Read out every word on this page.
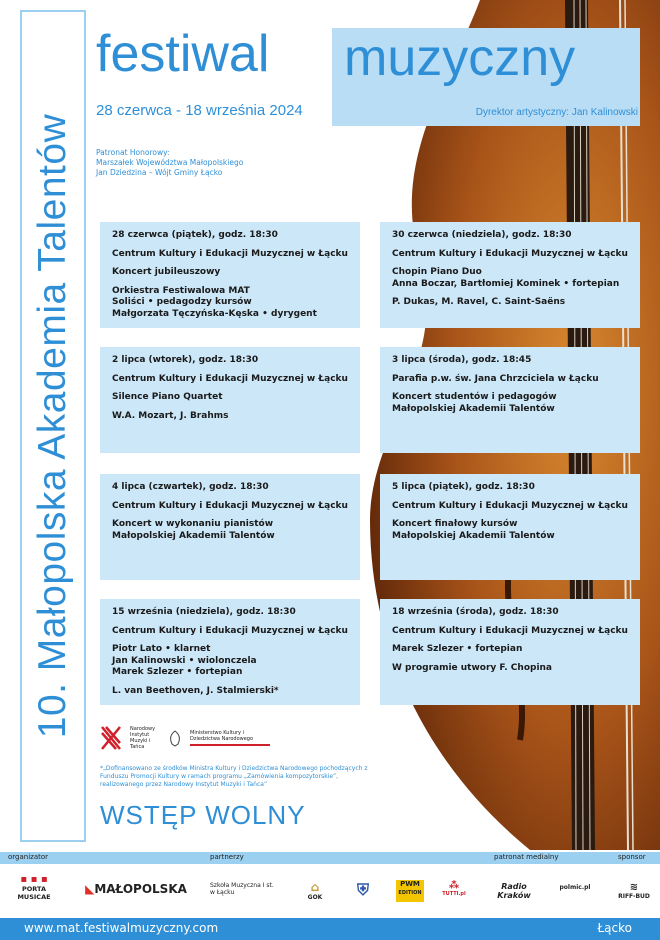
10. Małopolska Akademia Talentów
festiwal muzyczny
28 czerwca - 18 września 2024	Dyrektor artystyczny: Jan Kalinowski
Patronat Honorowy:
Marszałek Województwa Małopolskiego
Jan Dziedzina – Wójt Gminy Łącko

28 czerwca (piątek), godz. 18:30

Centrum Kultury i Edukacji Muzycznej w Łącku

Koncert jubileuszowy

Orkiestra Festiwalowa MAT

Soliści • pedagodzy kursów

Małgorzata Tęczyńska-Kęska • dyrygent

30 czerwca (niedziela), godz. 18:30

Centrum Kultury i Edukacji Muzycznej w Łącku

Chopin Piano Duo

Anna Boczar, Bartłomiej Kominek • fortepian

P. Dukas, M. Ravel, C. Saint-Saëns

2 lipca (wtorek), godz. 18:30

Centrum Kultury i Edukacji Muzycznej w Łącku

Silence Piano Quartet

W.A. Mozart, J. Brahms

3 lipca (środa), godz. 18:45

Parafia p.w. św. Jana Chrzciciela w Łącku

Koncert studentów i pedagogów

Małopolskiej Akademii Talentów

4 lipca (czwartek), godz. 18:30

Centrum Kultury i Edukacji Muzycznej w Łącku

Koncert w wykonaniu pianistów

Małopolskiej Akademii Talentów

5 lipca (piątek), godz. 18:30

Centrum Kultury i Edukacji Muzycznej w Łącku

Koncert finałowy kursów

Małopolskiej Akademii Talentów

15 września (niedziela), godz. 18:30

Centrum Kultury i Edukacji Muzycznej w Łącku

Piotr Lato • klarnet

Jan Kalinowski • wiolonczela

Marek Szlezer • fortepian

L. van Beethoven, J. Stalmierski*

18 września (środa), godz. 18:30

Centrum Kultury i Edukacji Muzycznej w Łącku

Marek Szlezer • fortepian

W programie utwory F. Chopina

Narodowy Instytut Muzyki i Tańca
Ministerstwo Kultury i Dziedzictwa Narodowego
*„Dofinansowano ze środków Ministra Kultury i Dziedzictwa Narodowego pochodzących z Funduszu Promocji Kultury w ramach programu „Zamówienia kompozytorskie”, realizowanego przez Narodowy Instytut Muzyki i Tańca”
WSTĘP WOLNY
organizator	partnerzy	patronat medialny	sponsor
▪ ▪ ▪
PORTA MUSICAE
◣MAŁOPOLSKA	Szkoła Muzyczna I st. w Łącku	⌂
GOK	⛨	PWM
EDITION
⁂
TUTTI.pl
Radio Kraków
polmic.pl	≋
RIFF-BUD
www.mat.festiwalmuzyczny.com	Łącko
